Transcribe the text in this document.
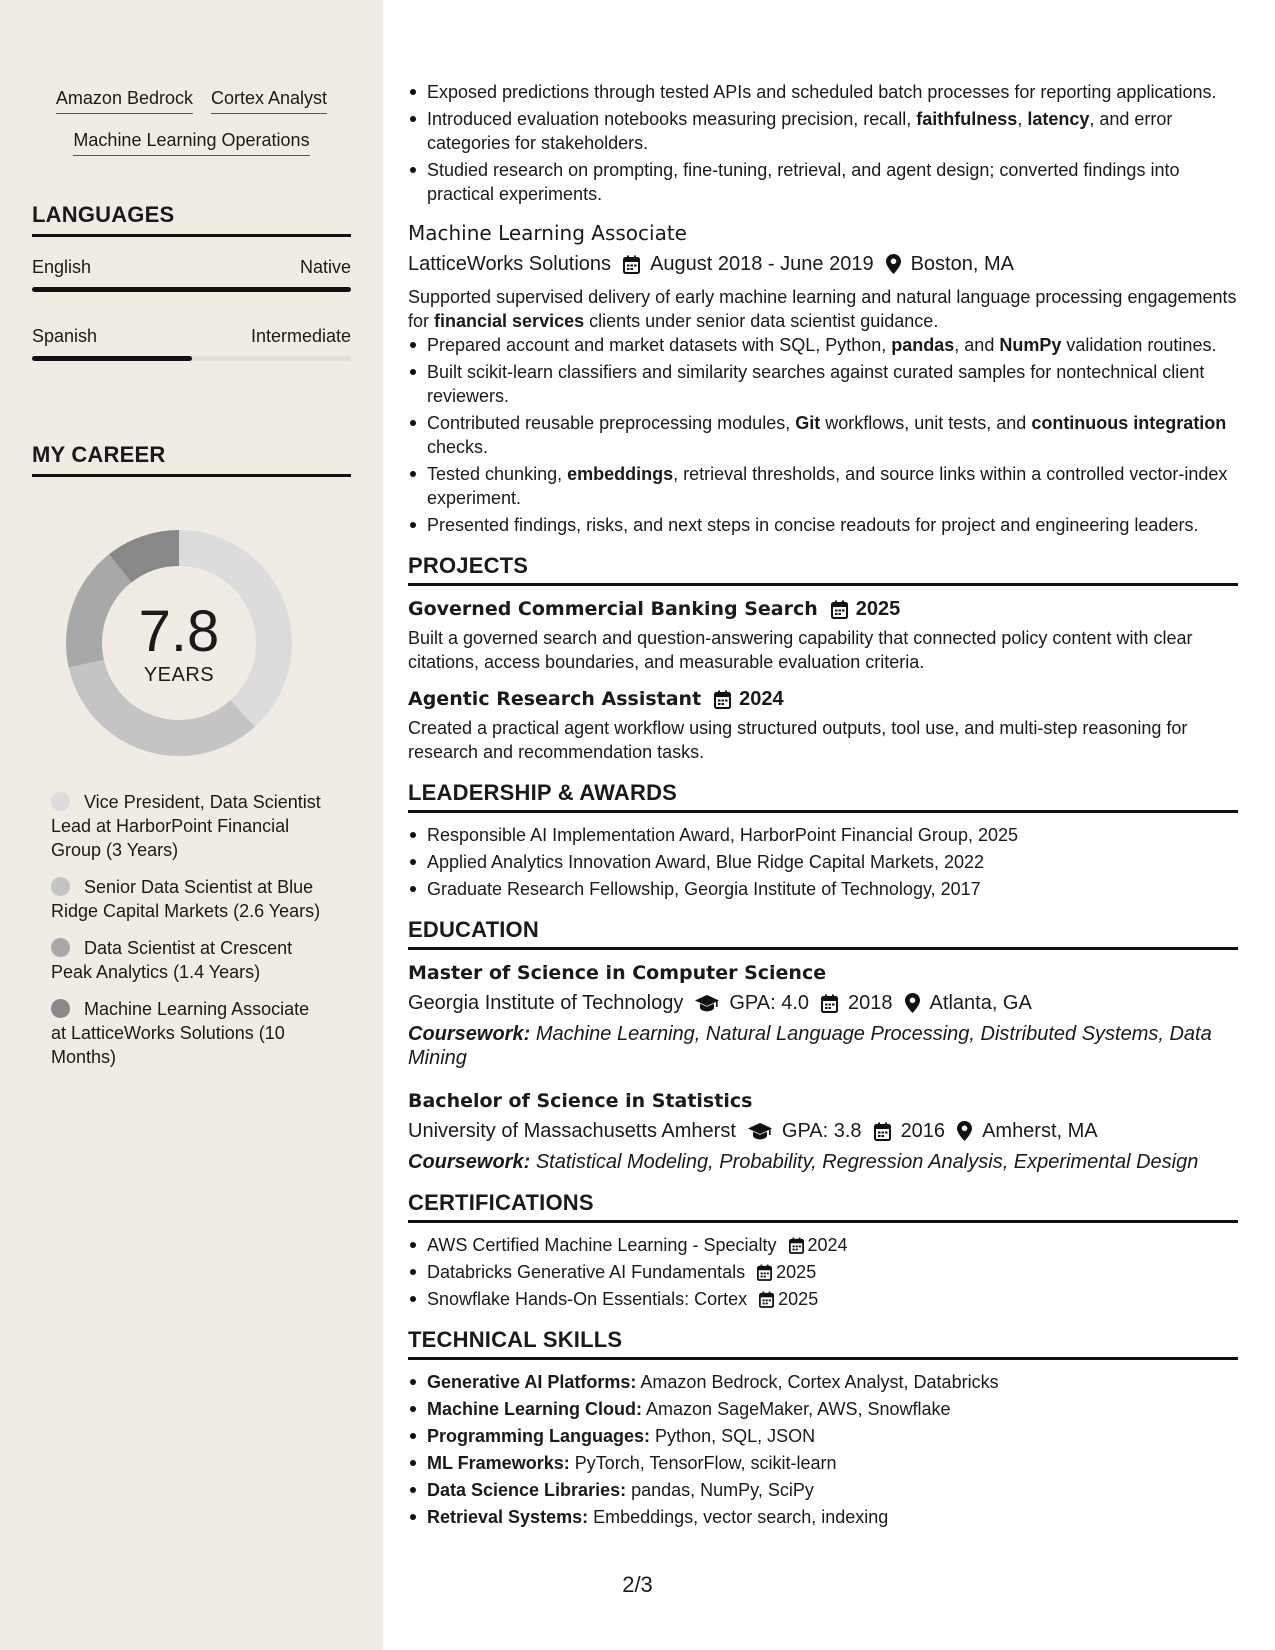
Amazon Bedrock Cortex Analyst
Machine Learning Operations
LANGUAGES
English	Native
Spanish	Intermediate
MY CAREER
7.8
YEARS
Vice President, Data Scientist Lead at HarborPoint Financial Group (3 Years)
Senior Data Scientist at Blue Ridge Capital Markets (2.6 Years)
Data Scientist at Crescent Peak Analytics (1.4 Years)
Machine Learning Associate at LatticeWorks Solutions (10 Months)
Exposed predictions through tested APIs and scheduled batch processes for reporting applications.
Introduced evaluation notebooks measuring precision, recall, faithfulness, latency, and error categories for stakeholders.
Studied research on prompting, fine-tuning, retrieval, and agent design; converted findings into practical experiments.
Machine Learning Associate
LatticeWorks Solutions August 2018 - June 2019 Boston, MA
Supported supervised delivery of early machine learning and natural language processing engagements for financial services clients under senior data scientist guidance.
Prepared account and market datasets with SQL, Python, pandas, and NumPy validation routines.
Built scikit-learn classifiers and similarity searches against curated samples for nontechnical client reviewers.
Contributed reusable preprocessing modules, Git workflows, unit tests, and continuous integration checks.
Tested chunking, embeddings, retrieval thresholds, and source links within a controlled vector-index experiment.
Presented findings, risks, and next steps in concise readouts for project and engineering leaders.
PROJECTS
Governed Commercial Banking Search 2025
Built a governed search and question-answering capability that connected policy content with clear citations, access boundaries, and measurable evaluation criteria.
Agentic Research Assistant 2024
Created a practical agent workflow using structured outputs, tool use, and multi-step reasoning for research and recommendation tasks.
LEADERSHIP & AWARDS
Responsible AI Implementation Award, HarborPoint Financial Group, 2025
Applied Analytics Innovation Award, Blue Ridge Capital Markets, 2022
Graduate Research Fellowship, Georgia Institute of Technology, 2017
EDUCATION
Master of Science in Computer Science
Georgia Institute of Technology GPA: 4.0 2018 Atlanta, GA
Coursework: Machine Learning, Natural Language Processing, Distributed Systems, Data Mining
Bachelor of Science in Statistics
University of Massachusetts Amherst GPA: 3.8 2016 Amherst, MA
Coursework: Statistical Modeling, Probability, Regression Analysis, Experimental Design
CERTIFICATIONS
AWS Certified Machine Learning - Specialty 2024
Databricks Generative AI Fundamentals 2025
Snowflake Hands-On Essentials: Cortex 2025
TECHNICAL SKILLS
Generative AI Platforms: Amazon Bedrock, Cortex Analyst, Databricks
Machine Learning Cloud: Amazon SageMaker, AWS, Snowflake
Programming Languages: Python, SQL, JSON
ML Frameworks: PyTorch, TensorFlow, scikit-learn
Data Science Libraries: pandas, NumPy, SciPy
Retrieval Systems: Embeddings, vector search, indexing
2/3
